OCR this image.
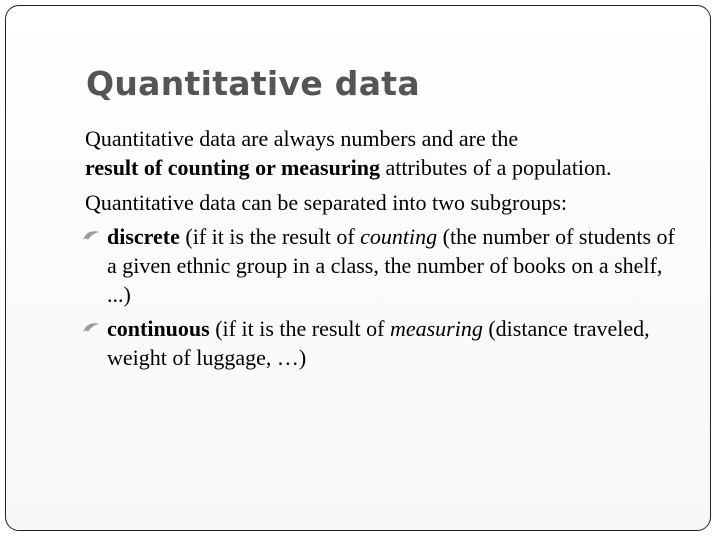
Quantitative data

Quantitative data are always numbers and are the
result of counting or measuring attributes of a population.

Quantitative data can be separated into two subgroups:

discrete (if it is the result of counting (the number of students of a given ethnic group in a class, the number of books on a shelf, ...)

continuous (if it is the result of measuring (distance traveled, weight of luggage, …)
